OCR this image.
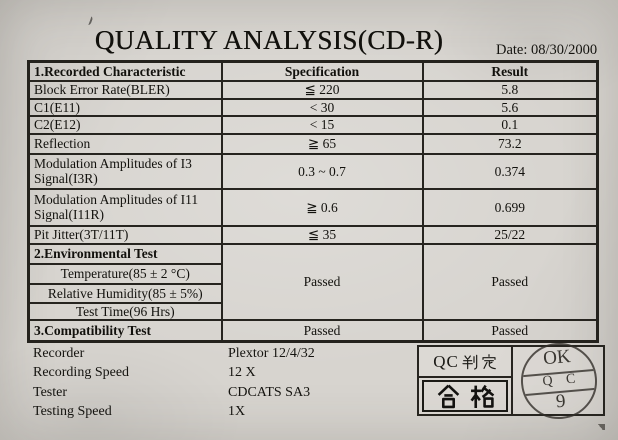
QUALITY ANALYSIS(CD-R)	Date: 08/30/2000
1.Recorded Characteristic	Specification	Result
Block Error Rate(BLER)	≦ 220	5.8
C1(E11)	< 30	5.6
C2(E12)	< 15	0.1
Reflection	≧ 65	73.2
Modulation Amplitudes of I3 Signal(I3R)	0.3 ~ 0.7	0.374
Modulation Amplitudes of I11 Signal(I11R)	≧ 0.6	0.699
Pit Jitter(3T/11T)	≦ 35	25/22
2.Environmental Test	Passed	Passed
Temperature(85 ± 2 °C)		
Relative Humidity(85 ± 5%)		
Test Time(96 Hrs)		
3.Compatibility Test	Passed	Passed
Recorder	Plextor 12/4/32
Recording Speed	12 X
Tester	CDCATS SA3
Testing Speed	1X
QC	OK
Q C
9
